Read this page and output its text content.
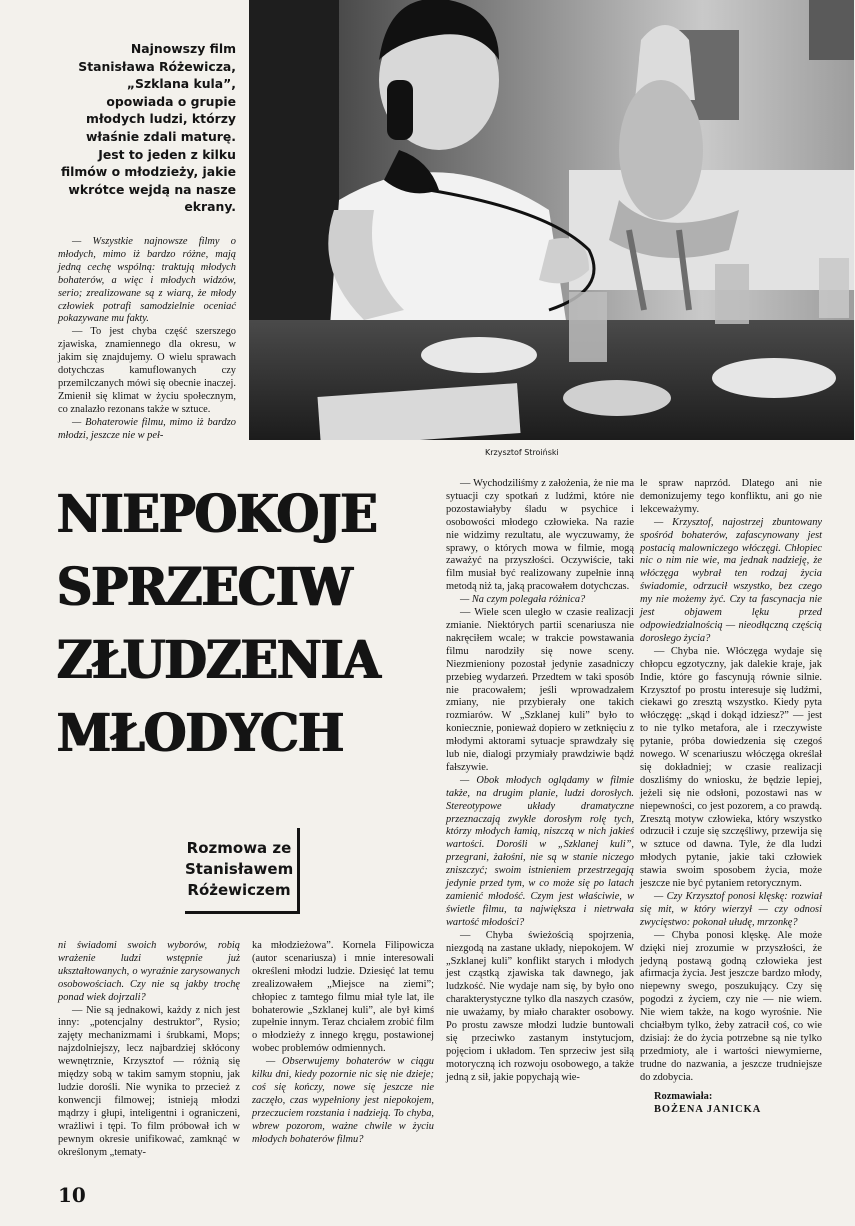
Najnowszy film Stanisława Różewicza, „Szklana kula”, opowiada o grupie młodych ludzi, którzy właśnie zdali maturę. Jest to jeden z kilku filmów o młodzieży, jakie wkrótce wejdą na nasze ekrany.

— Wszystkie najnowsze filmy o młodych, mimo iż bardzo różne, mają jedną cechę wspólną: traktują młodych bohaterów, a więc i młodych widzów, serio; zrealizowane są z wiarą, że młody człowiek potrafi samodzielnie oceniać pokazywane mu fakty.

— To jest chyba część szerszego zjawiska, znamiennego dla okresu, w jakim się znajdujemy. O wielu sprawach dotychczas kamuflowanych czy przemilczanych mówi się obecnie inaczej. Zmienił się klimat w życiu społecznym, co znalazło rezonans także w sztuce.

— Bohaterowie filmu, mimo iż bardzo młodzi, jeszcze nie w peł-

Krzysztof Stroiński
NIEPOKOJE
SPRZECIW
ZŁUDZENIA
MŁODYCH
Rozmowa ze Stanisławem Różewiczem

ni świadomi swoich wyborów, robią wrażenie ludzi wstępnie już ukształtowanych, o wyraźnie zarysowanych osobowościach. Czy nie są jakby trochę ponad wiek dojrzali?

— Nie są jednakowi, każdy z nich jest inny: „potencjalny destruktor”, Rysio; zajęty mechanizmami i śrubkami, Mops; najzdolniejszy, lecz najbardziej skłócony wewnętrznie, Krzysztof — różnią się między sobą w takim samym stopniu, jak ludzie dorośli. Nie wynika to przecież z konwencji filmowej; istnieją młodzi mądrzy i głupi, inteligentni i ograniczeni, wrażliwi i tępi. To film próbował ich w pewnym okresie unifikować, zamknąć w określonym „tematy-

ka młodzieżowa”. Kornela Filipowicza (autor scenariusza) i mnie interesowali określeni młodzi ludzie. Dziesięć lat temu zrealizowałem „Miejsce na ziemi”; chłopiec z tamtego filmu miał tyle lat, ile bohaterowie „Szklanej kuli”, ale był kimś zupełnie innym. Teraz chciałem zrobić film o młodzieży z innego kręgu, postawionej wobec problemów odmiennych.

— Obserwujemy bohaterów w ciągu kilku dni, kiedy pozornie nic się nie dzieje; coś się kończy, nowe się jeszcze nie zaczęło, czas wypełniony jest niepokojem, przeczuciem rozstania i nadzieją. To chyba, wbrew pozorom, ważne chwile w życiu młodych bohaterów filmu?

— Wychodziliśmy z założenia, że nie ma sytuacji czy spotkań z ludźmi, które nie pozostawiałyby śladu w psychice i osobowości młodego człowieka. Na razie nie widzimy rezultatu, ale wyczuwamy, że sprawy, o których mowa w filmie, mogą zaważyć na przyszłości. Oczywiście, taki film musiał być realizowany zupełnie inną metodą niż ta, jaką pracowałem dotychczas.

— Na czym polegała różnica?

— Wiele scen uległo w czasie realizacji zmianie. Niektórych partii scenariusza nie nakręciłem wcale; w trakcie powstawania filmu narodziły się nowe sceny. Niezmieniony pozostał jedynie zasadniczy przebieg wydarzeń. Przedtem w taki sposób nie pracowałem; jeśli wprowadzałem zmiany, nie przybierały one takich rozmiarów. W „Szklanej kuli” było to koniecznie, ponieważ dopiero w zetknięciu z młodymi aktorami sytuacje sprawdzały się lub nie, dialogi przymiały prawdziwie bądź fałszywie.

— Obok młodych oglądamy w filmie także, na drugim planie, ludzi dorosłych. Stereotypowe układy dramatyczne przeznaczają zwykle dorosłym rolę tych, którzy młodych łamią, niszczą w nich jakieś wartości. Dorośli w „Szklanej kuli”, przegrani, żałośni, nie są w stanie niczego zniszczyć; swoim istnieniem przestrzegają jedynie przed tym, w co może się po latach zamienić młodość. Czym jest właściwie, w świetle filmu, ta największa i nietrwała wartość młodości?

— Chyba świeżością spojrzenia, niezgodą na zastane układy, niepokojem. W „Szklanej kuli” konflikt starych i młodych jest cząstką zjawiska tak dawnego, jak ludzkość. Nie wydaje nam się, by było ono charakterystyczne tylko dla naszych czasów, nie uważamy, by miało charakter osobowy. Po prostu zawsze młodzi ludzie buntowali się przeciwko zastanym instytucjom, pojęciom i układom. Ten sprzeciw jest siłą motoryczną ich rozwoju osobowego, a także jedną z sił, jakie popychają wie-

le spraw naprzód. Dlatego ani nie demonizujemy tego konfliktu, ani go nie lekceważymy.

— Krzysztof, najostrzej zbuntowany spośród bohaterów, zafascynowany jest postacią malowniczego włóczęgi. Chłopiec nic o nim nie wie, ma jednak nadzieję, że włóczęga wybrał ten rodzaj życia świadomie, odrzucił wszystko, bez czego my nie możemy żyć. Czy ta fascynacja nie jest objawem lęku przed odpowiedzialnością — nieodłączną częścią dorosłego życia?

— Chyba nie. Włóczęga wydaje się chłopcu egzotyczny, jak dalekie kraje, jak Indie, które go fascynują równie silnie. Krzysztof po prostu interesuje się ludźmi, ciekawi go zresztą wszystko. Kiedy pyta włóczęgę: „skąd i dokąd idziesz?” — jest to nie tylko metafora, ale i rzeczywiste pytanie, próba dowiedzenia się czegoś nowego. W scenariuszu włóczęga określał się dokładniej; w czasie realizacji doszliśmy do wniosku, że będzie lepiej, jeżeli się nie odsłoni, pozostawi nas w niepewności, co jest pozorem, a co prawdą. Zresztą motyw człowieka, który wszystko odrzucił i czuje się szczęśliwy, przewija się w sztuce od dawna. Tyle, że dla ludzi młodych pytanie, jakie taki człowiek stawia swoim sposobem życia, może jeszcze nie być pytaniem retorycznym.

— Czy Krzysztof ponosi klęskę: rozwiał się mit, w który wierzył — czy odnosi zwycięstwo: pokonał ułudę, mrzonkę?

— Chyba ponosi klęskę. Ale może dzięki niej zrozumie w przyszłości, że jedyną postawą godną człowieka jest afirmacja życia. Jest jeszcze bardzo młody, niepewny swego, poszukujący. Czy się pogodzi z życiem, czy nie — nie wiem. Nie wiem także, na kogo wyrośnie. Nie chciałbym tylko, żeby zatracił coś, co wie dzisiaj: że do życia potrzebne są nie tylko przedmioty, ale i wartości niewymierne, trudne do nazwania, a jeszcze trudniejsze do zdobycia.

Rozmawiała:

BOŻENA JANICKA

10
